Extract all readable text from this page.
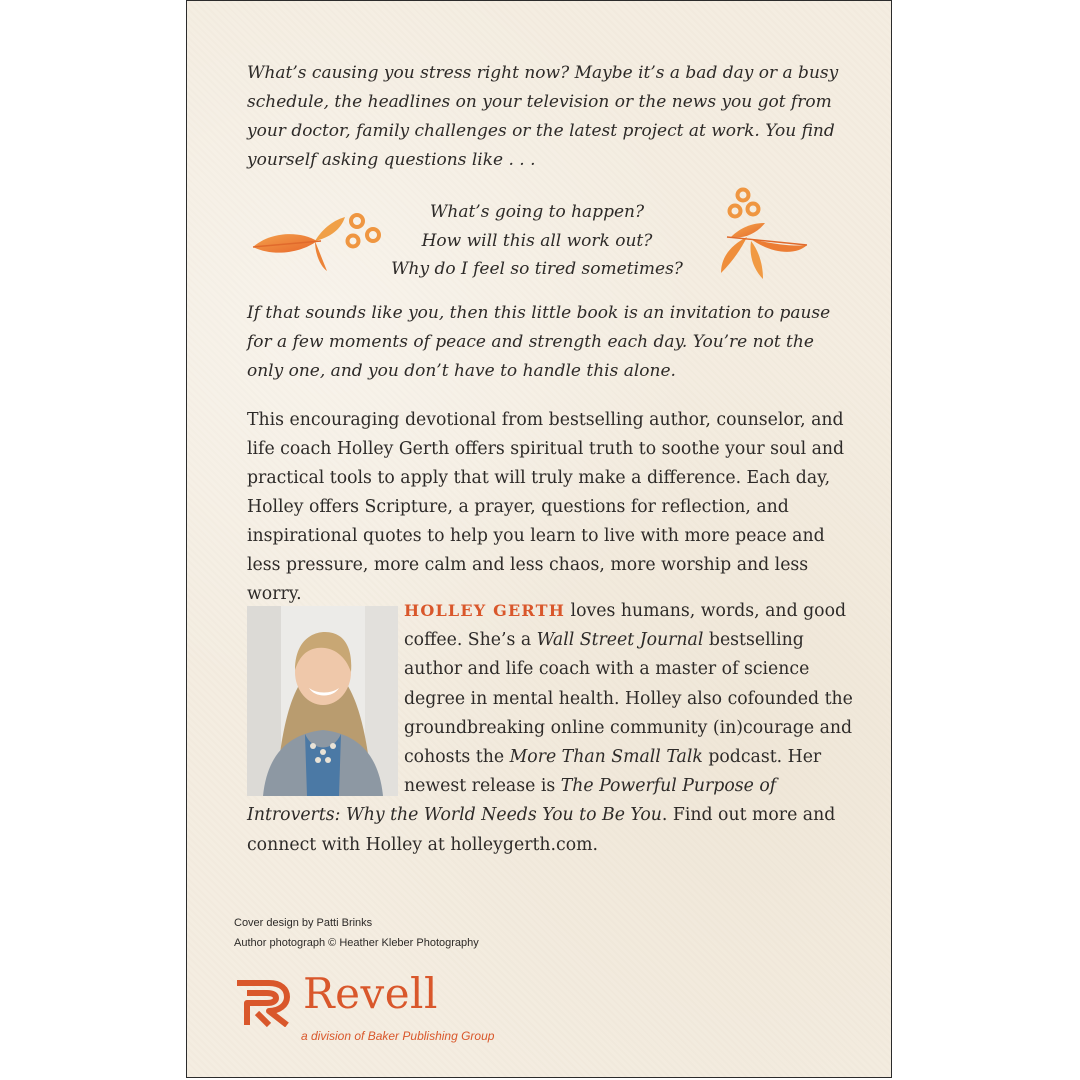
What’s causing you stress right now? Maybe it’s a bad day or a busy schedule, the headlines on your television or the news you got from your doctor, family challenges or the latest project at work. You find yourself asking questions like . . .

What’s going to happen?
How will this all work out?
Why do I feel so tired sometimes?

If that sounds like you, then this little book is an invitation to pause for a few moments of peace and strength each day. You’re not the only one, and you don’t have to handle this alone.

This encouraging devotional from bestselling author, counselor, and life coach Holley Gerth offers spiritual truth to soothe your soul and practical tools to apply that will truly make a difference. Each day, Holley offers Scripture, a prayer, questions for reflection, and inspirational quotes to help you learn to live with more peace and less pressure, more calm and less chaos, more worship and less worry.

HOLLEY GERTH loves humans, words, and good coffee. She’s a Wall Street Journal bestselling author and life coach with a master of science degree in mental health. Holley also cofounded the groundbreaking online community (in)courage and cohosts the More Than Small Talk podcast. Her newest release is The Powerful Purpose of Introverts: Why the World Needs You to Be You. Find out more and connect with Holley at holleygerth.com.

Cover design by Patti Brinks
Author photograph © Heather Kleber Photography
Revell
a division of Baker Publishing Group
